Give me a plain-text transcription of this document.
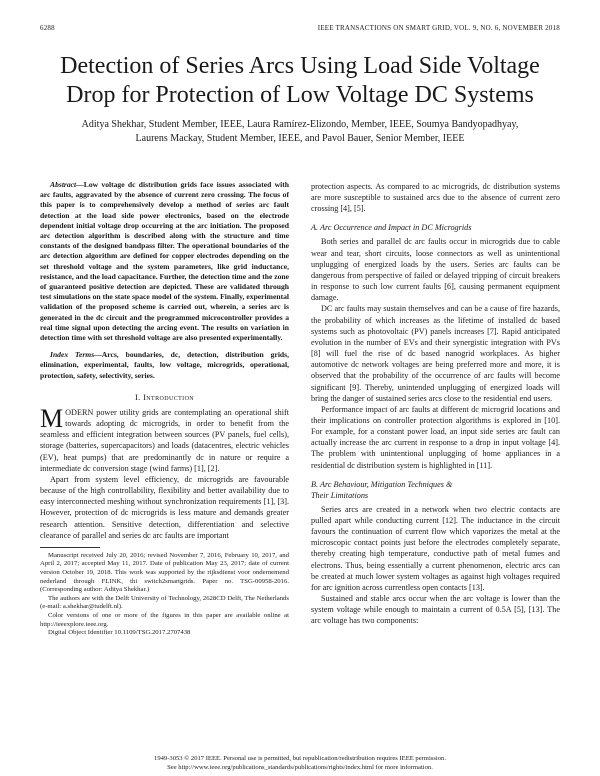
6288	IEEE TRANSACTIONS ON SMART GRID, VOL. 9, NO. 6, NOVEMBER 2018
Detection of Series Arcs Using Load Side Voltage Drop for Protection of Low Voltage DC Systems
Aditya Shekhar, Student Member, IEEE, Laura Ramírez-Elizondo, Member, IEEE, Soumya Bandyopadhyay,
Laurens Mackay, Student Member, IEEE, and Pavol Bauer, Senior Member, IEEE

Abstract—Low voltage dc distribution grids face issues associated with arc faults, aggravated by the absence of current zero crossing. The focus of this paper is to comprehensively develop a method of series arc fault detection at the load side power electronics, based on the electrode dependent initial voltage drop occurring at the arc initiation. The proposed arc detection algorithm is described along with the structure and time constants of the designed bandpass filter. The operational boundaries of the arc detection algorithm are defined for copper electrodes depending on the set threshold voltage and the system parameters, like grid inductance, resistance, and the load capacitance. Further, the detection time and the zone of guaranteed positive detection are depicted. These are validated through test simulations on the state space model of the system. Finally, experimental validation of the proposed scheme is carried out, wherein, a series arc is generated in the dc circuit and the programmed microcontroller provides a real time signal upon detecting the arcing event. The results on variation in detection time with set threshold voltage are also presented experimentally.

Index Terms—Arcs, boundaries, dc, detection, distribution grids, elimination, experimental, faults, low voltage, microgrids, operational, protection, safety, selectivity, series.

I. Introduction

MODERN power utility grids are contemplating an operational shift towards adopting dc microgrids, in order to benefit from the seamless and efficient integration between sources (PV panels, fuel cells), storage (batteries, supercapacitors) and loads (datacentres, electric vehicles (EV), heat pumps) that are predominantly dc in nature or require a intermediate dc conversion stage (wind farms) [1], [2].

Apart from system level efficiency, dc microgrids are favourable because of the high controllability, flexibility and better availability due to easy interconnected meshing without synchronization requirements [1], [3]. However, protection of dc microgrids is less mature and demands greater research attention. Sensitive detection, differentiation and selective clearance of parallel and series dc arc faults are important

Manuscript received July 20, 2016; revised November 7, 2016, February 10, 2017, and April 2, 2017; accepted May 11, 2017. Date of publication May 23, 2017; date of current version October 19, 2018. This work was supported by the rijksdienst voor ondernemend nederland through FLINK, thi switch2smartgrids. Paper no. TSG-00958-2016. (Corresponding author: Aditya Shekhar.)

The authors are with the Delft University of Technology, 2628CD Delft, The Netherlands (e-mail: a.shekhar@tudelft.nl).

Color versions of one or more of the figures in this paper are available online at http://ieeexplore.ieee.org.

Digital Object Identifier 10.1109/TSG.2017.2707438

protection aspects. As compared to ac microgrids, dc distribution systems are more susceptible to sustained arcs due to the absence of current zero crossing [4], [5].

A. Arc Occurrence and Impact in DC Microgrids

Both series and parallel dc arc faults occur in microgrids due to cable wear and tear, short circuits, loose connectors as well as unintentional unplugging of energized loads by the users. Series arc faults can be dangerous from perspective of failed or delayed tripping of circuit breakers in response to such low current faults [6], causing permanent equipment damage.

DC arc faults may sustain themselves and can be a cause of fire hazards, the probability of which increases as the lifetime of installed dc based systems such as photovoltaic (PV) panels increases [7]. Rapid anticipated evolution in the number of EVs and their synergistic integration with PVs [8] will fuel the rise of dc based nanogrid workplaces. As higher automotive dc network voltages are being preferred more and more, it is observed that the probability of the occurrence of arc faults will become significant [9]. Thereby, unintended unplugging of energized loads will bring the danger of sustained series arcs close to the residential end users.

Performance impact of arc faults at different dc microgrid locations and their implications on controller protection algorithms is explored in [10]. For example, for a constant power load, an input side series arc fault can actually increase the arc current in response to a drop in input voltage [4]. The problem with unintentional unplugging of home appliances in a residential dc distribution system is highlighted in [11].

B. Arc Behaviour, Mitigation Techniques &
Their Limitations

Series arcs are created in a network when two electric contacts are pulled apart while conducting current [12]. The inductance in the circuit favours the continuation of current flow which vaporizes the metal at the microscopic contact points just before the electrodes completely separate, thereby creating high temperature, conductive path of metal fumes and electrons. Thus, being essentially a current phenomenon, electric arcs can be created at much lower system voltages as against high voltages required for arc ignition across currentless open contacts [13].

Sustained and stable arcs occur when the arc voltage is lower than the system voltage while enough to maintain a current of 0.5A [5], [13]. The arc voltage has two components:

1949-3053 © 2017 IEEE. Personal use is permitted, but republication/redistribution requires IEEE permission.
See http://www.ieee.org/publications_standards/publications/rights/index.html for more information.
